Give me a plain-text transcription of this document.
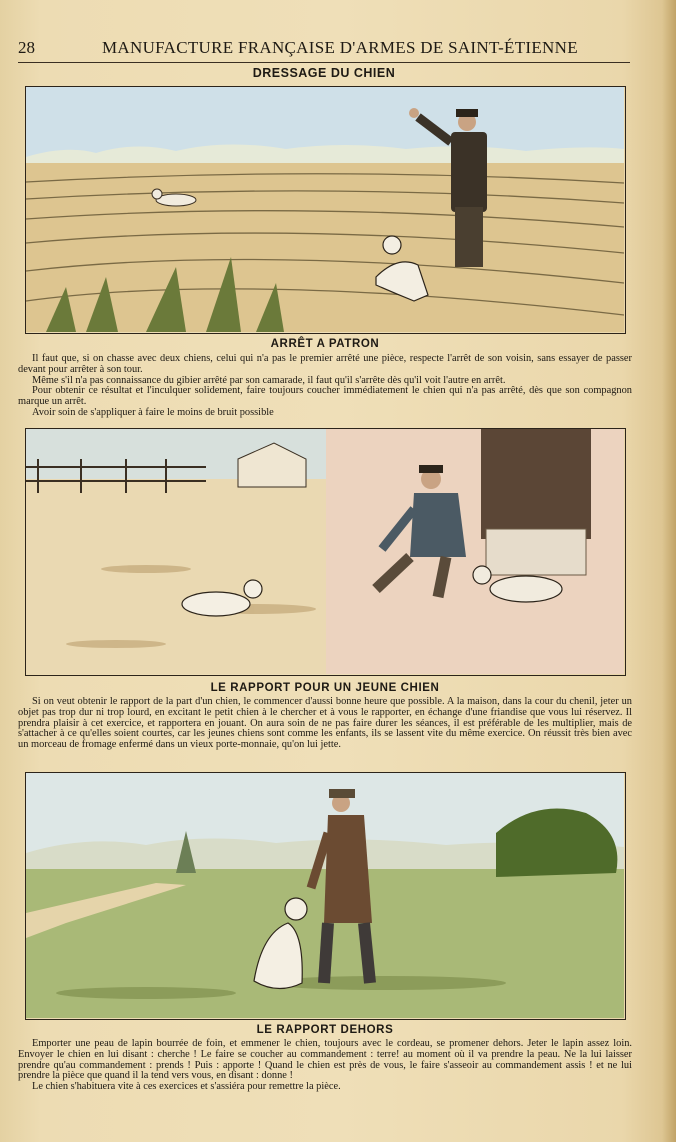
28	MANUFACTURE FRANÇAISE D'ARMES DE SAINT-ÉTIENNE
DRESSAGE DU CHIEN
ARRÊT A PATRON

Il faut que, si on chasse avec deux chiens, celui qui n'a pas le premier arrêté une pièce, respecte l'arrêt de son voisin, sans essayer de passer devant pour arrêter à son tour.

Même s'il n'a pas connaissance du gibier arrêté par son camarade, il faut qu'il s'arrête dès qu'il voit l'autre en arrêt.

Pour obtenir ce résultat et l'inculquer solidement, faire toujours coucher immédiatement le chien qui n'a pas arrêté, dès que son compagnon marque un arrêt.

Avoir soin de s'appliquer à faire le moins de bruit possible

LE RAPPORT POUR UN JEUNE CHIEN

Si on veut obtenir le rapport de la part d'un chien, le commencer d'aussi bonne heure que possible. A la maison, dans la cour du chenil, jeter un objet pas trop dur ni trop lourd, en excitant le petit chien à le chercher et à vous le rapporter, en échange d'une friandise que vous lui réservez. Il prendra plaisir à cet exercice, et rapportera en jouant. On aura soin de ne pas faire durer les séances, il est préférable de les multiplier, mais de s'attacher à ce qu'elles soient courtes, car les jeunes chiens sont comme les enfants, ils se lassent vite du même exercice. On réussit très bien avec un morceau de fromage enfermé dans un vieux porte-monnaie, qu'on lui jette.

LE RAPPORT DEHORS

Emporter une peau de lapin bourrée de foin, et emmener le chien, toujours avec le cordeau, se promener dehors. Jeter le lapin assez loin. Envoyer le chien en lui disant : cherche ! Le faire se coucher au commandement : terre! au moment où il va prendre la peau. Ne la lui laisser prendre qu'au commandement : prends ! Puis : apporte ! Quand le chien est près de vous, le faire s'asseoir au commandement assis ! et ne lui prendre la pièce que quand il la tend vers vous, en disant : donne !

Le chien s'habituera vite à ces exercices et s'assiéra pour remettre la pièce.
